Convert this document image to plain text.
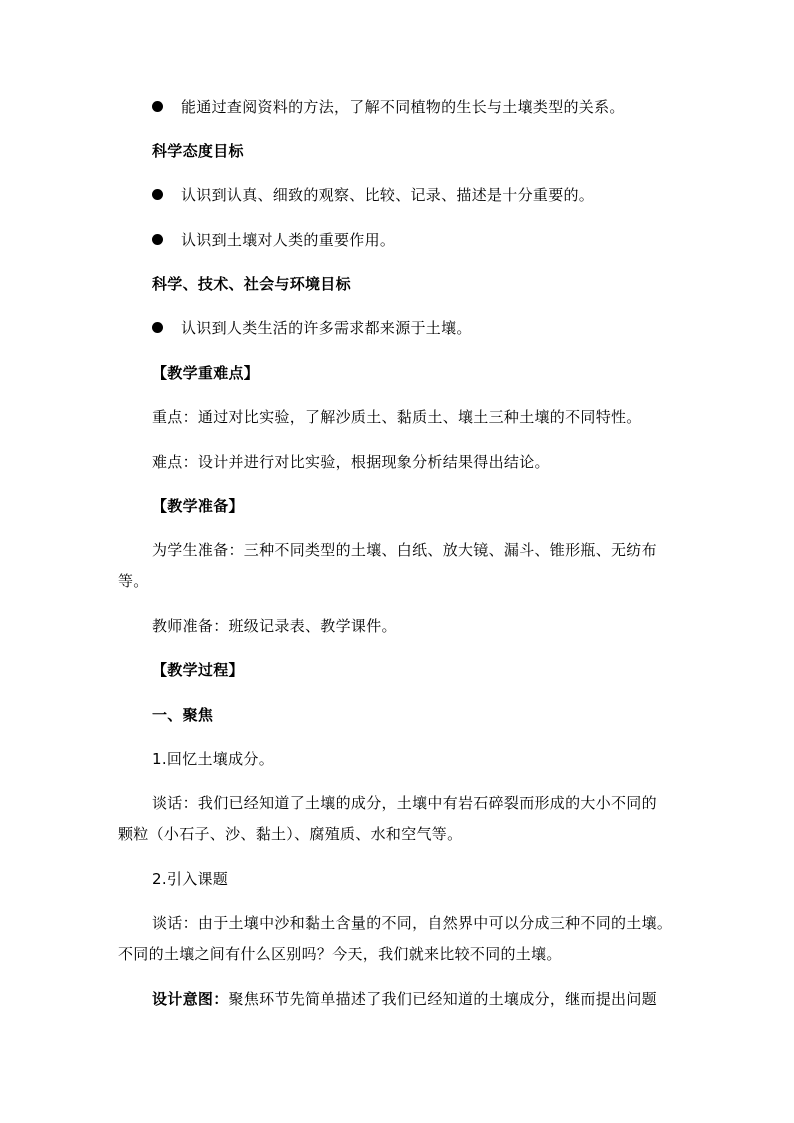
能通过查阅资料的方法，了解不同植物的生长与土壤类型的关系。
科学态度目标
认识到认真、细致的观察、比较、记录、描述是十分重要的。
认识到土壤对人类的重要作用。
科学、技术、社会与环境目标
认识到人类生活的许多需求都来源于土壤。
【教学重难点】
重点：通过对比实验，了解沙质土、黏质土、壤土三种土壤的不同特性。
难点：设计并进行对比实验，根据现象分析结果得出结论。
【教学准备】
为学生准备：三种不同类型的土壤、白纸、放大镜、漏斗、锥形瓶、无纺布
等。
教师准备：班级记录表、教学课件。
【教学过程】
一、聚焦
1.回忆土壤成分。
谈话：我们已经知道了土壤的成分，土壤中有岩石碎裂而形成的大小不同的
颗粒（小石子、沙、黏土）、腐殖质、水和空气等。
2.引入课题
谈话：由于土壤中沙和黏土含量的不同，自然界中可以分成三种不同的土壤。
不同的土壤之间有什么区别吗？今天，我们就来比较不同的土壤。
设计意图：聚焦环节先简单描述了我们已经知道的土壤成分，继而提出问题
